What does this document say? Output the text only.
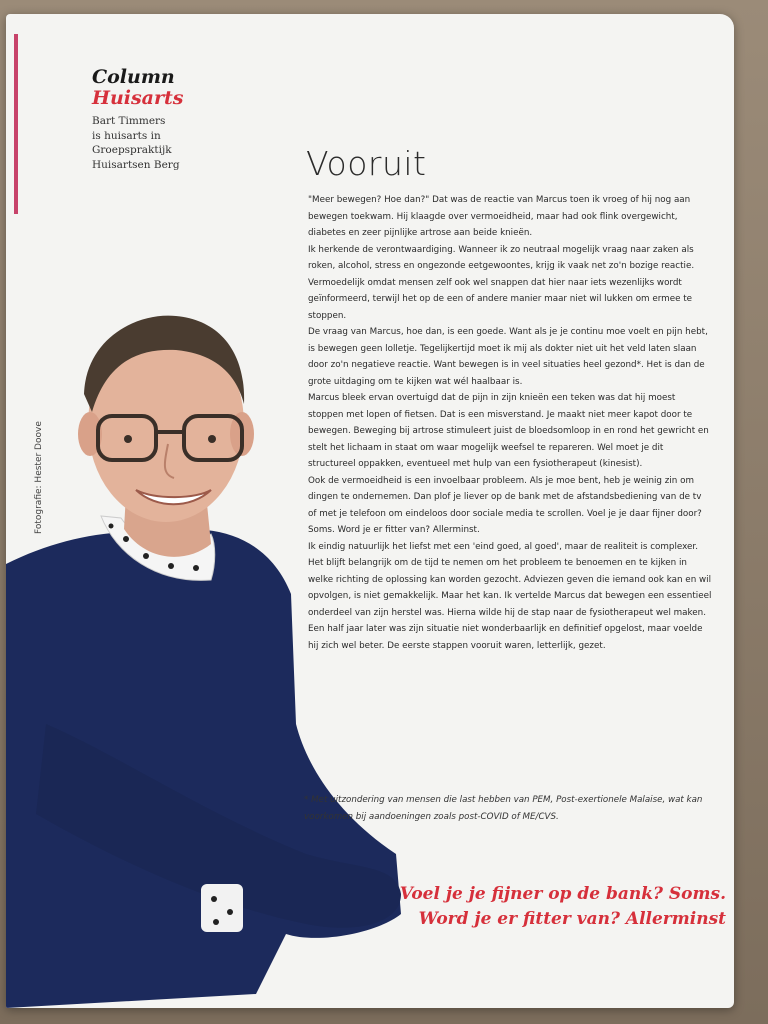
Column
Huisarts
Bart Timmers
is huisarts in
Groepspraktijk
Huisartsen Berg	Vooruit
Fotografie: Hester Doove

"Meer bewegen? Hoe dan?" Dat was de reactie van Marcus toen ik vroeg of hij nog aan bewegen toekwam. Hij klaagde over vermoeidheid, maar had ook flink overgewicht, diabetes en zeer pijnlijke artrose aan beide knieën.

Ik herkende de verontwaardiging. Wanneer ik zo neutraal mogelijk vraag naar zaken als roken, alcohol, stress en ongezonde eetgewoontes, krijg ik vaak net zo'n bozige reactie. Vermoedelijk omdat mensen zelf ook wel snappen dat hier naar iets wezenlijks wordt geïnformeerd, terwijl het op de een of andere manier maar niet wil lukken om ermee te stoppen.

De vraag van Marcus, hoe dan, is een goede. Want als je je continu moe voelt en pijn hebt, is bewegen geen lolletje. Tegelijkertijd moet ik mij als dokter niet uit het veld laten slaan door zo'n negatieve reactie. Want bewegen is in veel situaties heel gezond*. Het is dan de grote uitdaging om te kijken wat wél haalbaar is.

Marcus bleek ervan overtuigd dat de pijn in zijn knieën een teken was dat hij moest stoppen met lopen of fietsen. Dat is een misverstand. Je maakt niet meer kapot door te bewegen. Beweging bij artrose stimuleert juist de bloedsomloop in en rond het gewricht en stelt het lichaam in staat om waar mogelijk weefsel te repareren. Wel moet je dit structureel oppakken, eventueel met hulp van een fysiotherapeut (kinesist).

Ook de vermoeidheid is een invoelbaar probleem. Als je moe bent, heb je weinig zin om dingen te ondernemen. Dan plof je liever op de bank met de afstandsbediening van de tv of met je telefoon om eindeloos door sociale media te scrollen. Voel je je daar fijner door? Soms. Word je er fitter van? Allerminst.

Ik eindig natuurlijk het liefst met een 'eind goed, al goed', maar de realiteit is complexer. Het blijft belangrijk om de tijd te nemen om het probleem te benoemen en te kijken in welke richting de oplossing kan worden gezocht. Adviezen geven die iemand ook kan en wil opvolgen, is niet gemakkelijk. Maar het kan. Ik vertelde Marcus dat bewegen een essentieel onderdeel van zijn herstel was. Hierna wilde hij de stap naar de fysiotherapeut wel maken. Een half jaar later was zijn situatie niet wonderbaarlijk en definitief opgelost, maar voelde hij zich wel beter. De eerste stappen vooruit waren, letterlijk, gezet.

* Met uitzondering van mensen die last hebben van PEM, Post-exertionele Malaise, wat kan voorkomen bij aandoeningen zoals post-COVID of ME/CVS.
Voel je je fijner op de bank? Soms.
Word je er fitter van? Allerminst
